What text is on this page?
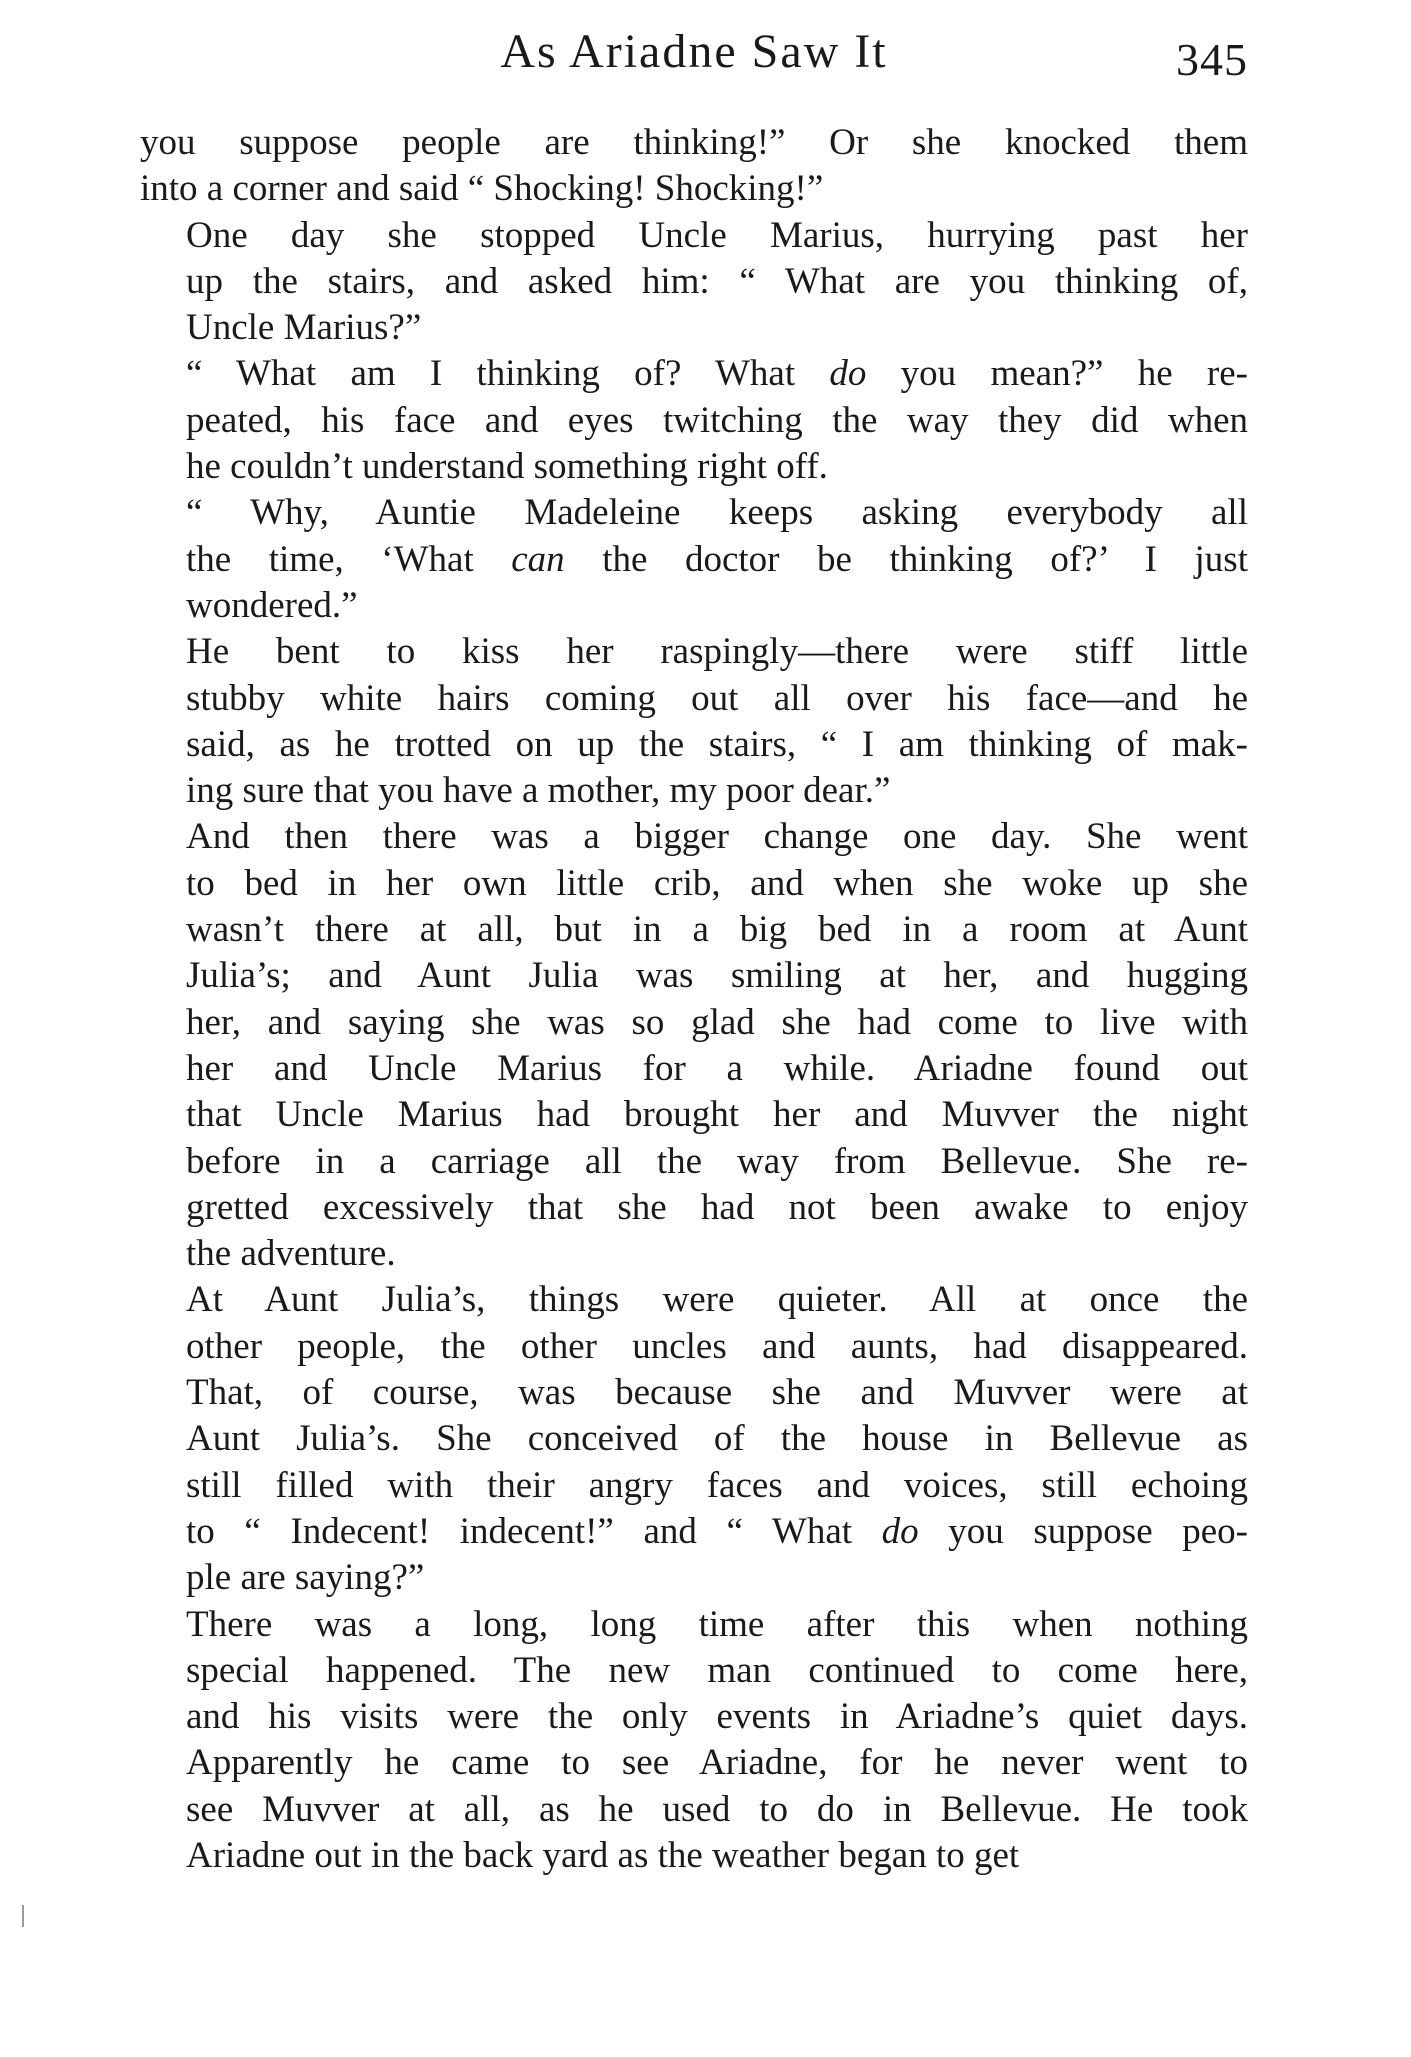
As Ariadne Saw It	345
you suppose people are thinking!” Or she knocked them
into a corner and said “ Shocking! Shocking!”
One day she stopped Uncle Marius, hurrying past her
up the stairs, and asked him: “ What are you thinking of,
Uncle Marius?”
“ What am I thinking of? What do you mean?” he re-
peated, his face and eyes twitching the way they did when
he couldn’t understand something right off.
“ Why, Auntie Madeleine keeps asking everybody all
the time, ‘What can the doctor be thinking of?’ I just
wondered.”
He bent to kiss her raspingly—there were stiff little
stubby white hairs coming out all over his face—and he
said, as he trotted on up the stairs, “ I am thinking of mak-
ing sure that you have a mother, my poor dear.”
And then there was a bigger change one day. She went
to bed in her own little crib, and when she woke up she
wasn’t there at all, but in a big bed in a room at Aunt
Julia’s; and Aunt Julia was smiling at her, and hugging
her, and saying she was so glad she had come to live with
her and Uncle Marius for a while. Ariadne found out
that Uncle Marius had brought her and Muvver the night
before in a carriage all the way from Bellevue. She re-
gretted excessively that she had not been awake to enjoy
the adventure.
At Aunt Julia’s, things were quieter. All at once the
other people, the other uncles and aunts, had disappeared.
That, of course, was because she and Muvver were at
Aunt Julia’s. She conceived of the house in Bellevue as
still filled with their angry faces and voices, still echoing
to “ Indecent! indecent!” and “ What do you suppose peo-
ple are saying?”
There was a long, long time after this when nothing
special happened. The new man continued to come here,
and his visits were the only events in Ariadne’s quiet days.
Apparently he came to see Ariadne, for he never went to
see Muvver at all, as he used to do in Bellevue. He took
Ariadne out in the back yard as the weather began to get
